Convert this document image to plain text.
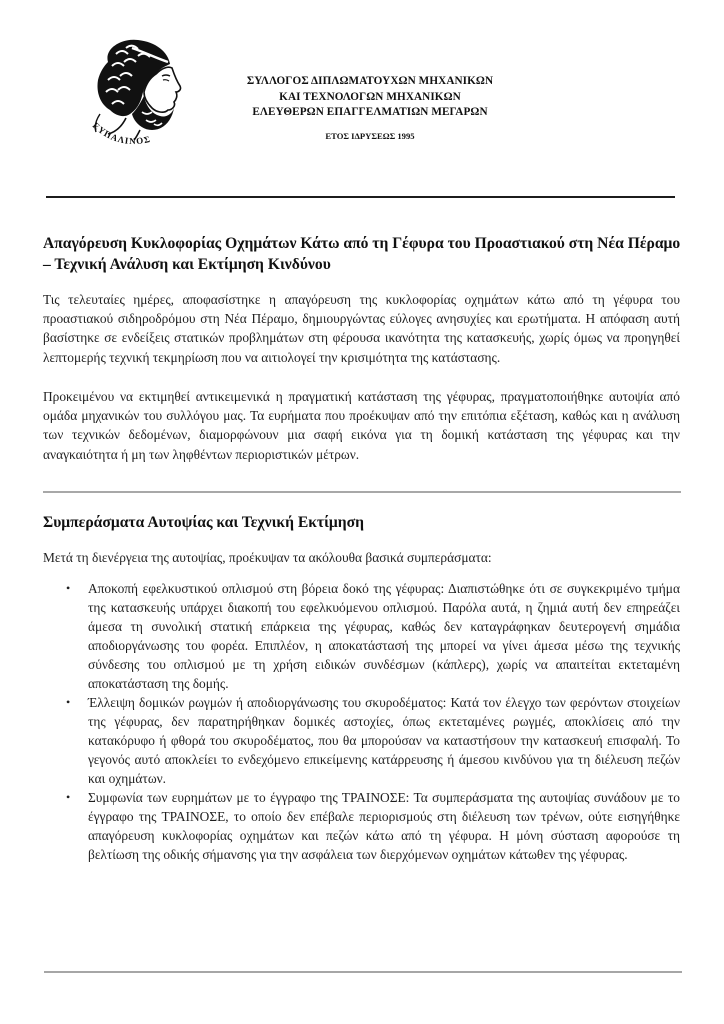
ΕΥΠΑΛΙΝΟΣ
ΣΥΛΛΟΓΟΣ ΔΙΠΛΩΜΑΤΟΥΧΩΝ ΜΗΧΑΝΙΚΩΝ
ΚΑΙ ΤΕΧΝΟΛΟΓΩΝ ΜΗΧΑΝΙΚΩΝ
ΕΛΕΥΘΕΡΩΝ ΕΠΑΓΓΕΛΜΑΤΙΩΝ ΜΕΓΑΡΩΝ
ΕΤΟΣ ΙΔΡΥΣΕΩΣ 1995
Απαγόρευση Κυκλοφορίας Οχημάτων Κάτω από τη Γέφυρα του Προαστιακού στη Νέα Πέραμο – Τεχνική Ανάλυση και Εκτίμηση Κινδύνου

Τις τελευταίες ημέρες, αποφασίστηκε η απαγόρευση της κυκλοφορίας οχημάτων κάτω από τη γέφυρα του προαστιακού σιδηροδρόμου στη Νέα Πέραμο, δημιουργώντας εύλογες ανησυχίες και ερωτήματα. Η απόφαση αυτή βασίστηκε σε ενδείξεις στατικών προβλημάτων στη φέρουσα ικανότητα της κατασκευής, χωρίς όμως να προηγηθεί λεπτομερής τεχνική τεκμηρίωση που να αιτιολογεί την κρισιμότητα της κατάστασης.

Προκειμένου να εκτιμηθεί αντικειμενικά η πραγματική κατάσταση της γέφυρας, πραγματοποιήθηκε αυτοψία από ομάδα μηχανικών του συλλόγου μας. Τα ευρήματα που προέκυψαν από την επιτόπια εξέταση, καθώς και η ανάλυση των τεχνικών δεδομένων, διαμορφώνουν μια σαφή εικόνα για τη δομική κατάσταση της γέφυρας και την αναγκαιότητα ή μη των ληφθέντων περιοριστικών μέτρων.

Συμπεράσματα Αυτοψίας και Τεχνική Εκτίμηση

Μετά τη διενέργεια της αυτοψίας, προέκυψαν τα ακόλουθα βασικά συμπεράσματα:

• Αποκοπή εφελκυστικού οπλισμού στη βόρεια δοκό της γέφυρας: Διαπιστώθηκε ότι σε συγκεκριμένο τμήμα της κατασκευής υπάρχει διακοπή του εφελκυόμενου οπλισμού. Παρόλα αυτά, η ζημιά αυτή δεν επηρεάζει άμεσα τη συνολική στατική επάρκεια της γέφυρας, καθώς δεν καταγράφηκαν δευτερογενή σημάδια αποδιοργάνωσης του φορέα. Επιπλέον, η αποκατάστασή της μπορεί να γίνει άμεσα μέσω της τεχνικής σύνδεσης του οπλισμού με τη χρήση ειδικών συνδέσμων (κάπλερς), χωρίς να απαιτείται εκτεταμένη αποκατάσταση της δομής.
• Έλλειψη δομικών ρωγμών ή αποδιοργάνωσης του σκυροδέματος: Κατά τον έλεγχο των φερόντων στοιχείων της γέφυρας, δεν παρατηρήθηκαν δομικές αστοχίες, όπως εκτεταμένες ρωγμές, αποκλίσεις από την κατακόρυφο ή φθορά του σκυροδέματος, που θα μπορούσαν να καταστήσουν την κατασκευή επισφαλή. Το γεγονός αυτό αποκλείει το ενδεχόμενο επικείμενης κατάρρευσης ή άμεσου κινδύνου για τη διέλευση πεζών και οχημάτων.
• Συμφωνία των ευρημάτων με το έγγραφο της ΤΡΑΙΝΟΣΕ: Τα συμπεράσματα της αυτοψίας συνάδουν με το έγγραφο της ΤΡΑΙΝΟΣΕ, το οποίο δεν επέβαλε περιορισμούς στη διέλευση των τρένων, ούτε εισηγήθηκε απαγόρευση κυκλοφορίας οχημάτων και πεζών κάτω από τη γέφυρα. Η μόνη σύσταση αφορούσε τη βελτίωση της οδικής σήμανσης για την ασφάλεια των διερχόμενων οχημάτων κάτωθεν της γέφυρας.
